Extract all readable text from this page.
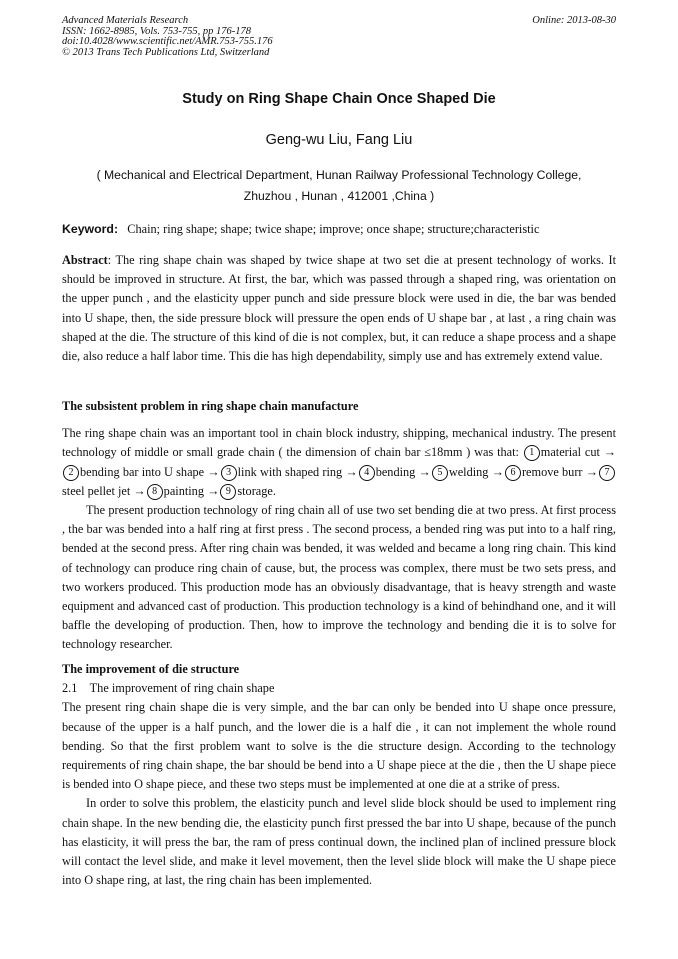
Advanced Materials Research
ISSN: 1662-8985, Vols. 753-755, pp 176-178
doi:10.4028/www.scientific.net/AMR.753-755.176
© 2013 Trans Tech Publications Ltd, Switzerland
Online: 2013-08-30
Study on Ring Shape Chain Once Shaped Die
Geng-wu Liu, Fang Liu
( Mechanical and Electrical Department, Hunan Railway Professional Technology College,
Zhuzhou , Hunan , 412001 ,China )
Keyword: Chain; ring shape; shape; twice shape; improve; once shape; structure;characteristic

Abstract: The ring shape chain was shaped by twice shape at two set die at present technology of works. It should be improved in structure. At first, the bar, which was passed through a shaped ring, was orientation on the upper punch , and the elasticity upper punch and side pressure block were used in die, the bar was bended into U shape, then, the side pressure block will pressure the open ends of U shape bar , at last , a ring chain was shaped at the die. The structure of this kind of die is not complex, but, it can reduce a shape process and a shape die, also reduce a half labor time. This die has high dependability, simply use and has extremely extend value.

The subsistent problem in ring shape chain manufacture

The ring shape chain was an important tool in chain block industry, shipping, mechanical industry. The present technology of middle or small grade chain ( the dimension of chain bar ≤18mm ) was that: 1 material cut →2 bending bar into U shape → 3 link with shaped ring → 4 bending → 5 welding → 6 remove burr → 7 steel pellet jet → 8 painting → 9 storage.

The present production technology of ring chain all of use two set bending die at two press. At first process , the bar was bended into a half ring at first press . The second process, a bended ring was put into to a half ring, bended at the second press. After ring chain was bended, it was welded and became a long ring chain. This kind of technology can produce ring chain of cause, but, the process was complex, there must be two sets press, and two workers produced. This production mode has an obviously disadvantage, that is heavy strength and waste equipment and advanced cast of production. This production technology is a kind of behindhand one, and it will baffle the developing of production. Then, how to improve the technology and bending die it is to solve for technology researcher.

The improvement of die structure

2.1 The improvement of ring chain shape

The present ring chain shape die is very simple, and the bar can only be bended into U shape once pressure, because of the upper is a half punch, and the lower die is a half die , it can not implement the whole round bending. So that the first problem want to solve is the die structure design. According to the technology requirements of ring chain shape, the bar should be bend into a U shape piece at the die , then the U shape piece is bended into O shape piece, and these two steps must be implemented at one die at a strike of press.

In order to solve this problem, the elasticity punch and level slide block should be used to implement ring chain shape. In the new bending die, the elasticity punch first pressed the bar into U shape, because of the punch has elasticity, it will press the bar, the ram of press continual down, the inclined plan of inclined pressure block will contact the level slide, and make it level movement, then the level slide block will make the U shape piece into O shape ring, at last, the ring chain has been implemented.
